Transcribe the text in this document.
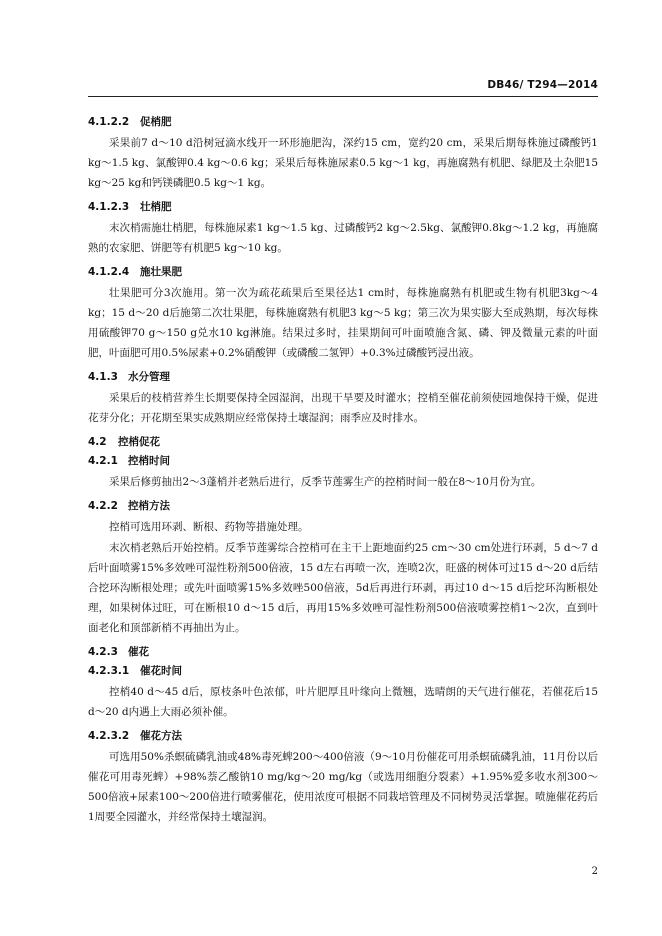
DB46/ T294—2014
4.1.2.2 促梢肥

采果前7 d～10 d沿树冠滴水线开一环形施肥沟，深约15 cm，宽约20 cm，采果后期每株施过磷酸钙1 kg～1.5 kg、氯酸钾0.4 kg～0.6 kg；采果后每株施尿素0.5 kg～1 kg，再施腐熟有机肥、绿肥及土杂肥15 kg～25 kg和钙镁磷肥0.5 kg～1 kg。

4.1.2.3 壮梢肥

末次梢需施壮梢肥，每株施尿素1 kg～1.5 kg、过磷酸钙2 kg～2.5kg、氯酸钾0.8kg～1.2 kg，再施腐熟的农家肥、饼肥等有机肥5 kg～10 kg。

4.1.2.4 施壮果肥

壮果肥可分3次施用。第一次为疏花疏果后至果径达1 cm时，每株施腐熟有机肥或生物有机肥3kg～4 kg；15 d～20 d后施第二次壮果肥，每株施腐熟有机肥3 kg～5 kg；第三次为果实膨大至成熟期，每次每株用硫酸钾70 g～150 g兑水10 kg淋施。结果过多时，挂果期间可叶面喷施含氮、磷、钾及微量元素的叶面肥，叶面肥可用0.5%尿素+0.2%硝酸钾（或磷酸二氢钾）+0.3%过磷酸钙浸出液。

4.1.3 水分管理

采果后的枝梢营养生长期要保持全园湿润，出现干旱要及时灌水；控梢至催花前须使园地保持干燥，促进花芽分化；开花期至果实成熟期应经常保持土壤湿润；雨季应及时排水。

4.2 控梢促花
4.2.1 控梢时间

采果后修剪抽出2～3蓬梢并老熟后进行，反季节莲雾生产的控梢时间一般在8～10月份为宜。

4.2.2 控梢方法

控梢可选用环剥、断根、药物等措施处理。

末次梢老熟后开始控梢。反季节莲雾综合控梢可在主干上距地面约25 cm～30 cm处进行环剥，5 d～7 d后叶面喷雾15%多效唑可湿性粉剂500倍液，15 d左右再喷一次，连喷2次，旺盛的树体可过15 d～20 d后结合挖环沟断根处理；或先叶面喷雾15%多效唑500倍液，5d后再进行环剥，再过10 d～15 d后挖环沟断根处理，如果树体过旺，可在断根10 d～15 d后，再用15%多效唑可湿性粉剂500倍液喷雾控梢1～2次，直到叶面老化和顶部新梢不再抽出为止。

4.2.3 催花
4.2.3.1 催花时间

控梢40 d～45 d后，原枝条叶色浓郁，叶片肥厚且叶缘向上微翘，选晴朗的天气进行催花，若催花后15 d～20 d内遇上大雨必须补催。

4.2.3.2 催花方法

可选用50%杀螟硫磷乳油或48%毒死蜱200～400倍液（9～10月份催花可用杀螟硫磷乳油，11月份以后催花可用毒死蜱）+98%萘乙酸钠10 mg/kg～20 mg/kg（或选用细胞分裂素）+1.95%爱多收水剂300～500倍液+尿素100～200倍进行喷雾催花，使用浓度可根据不同栽培管理及不同树势灵活掌握。喷施催花药后1周要全园灌水，并经常保持土壤湿润。

2
